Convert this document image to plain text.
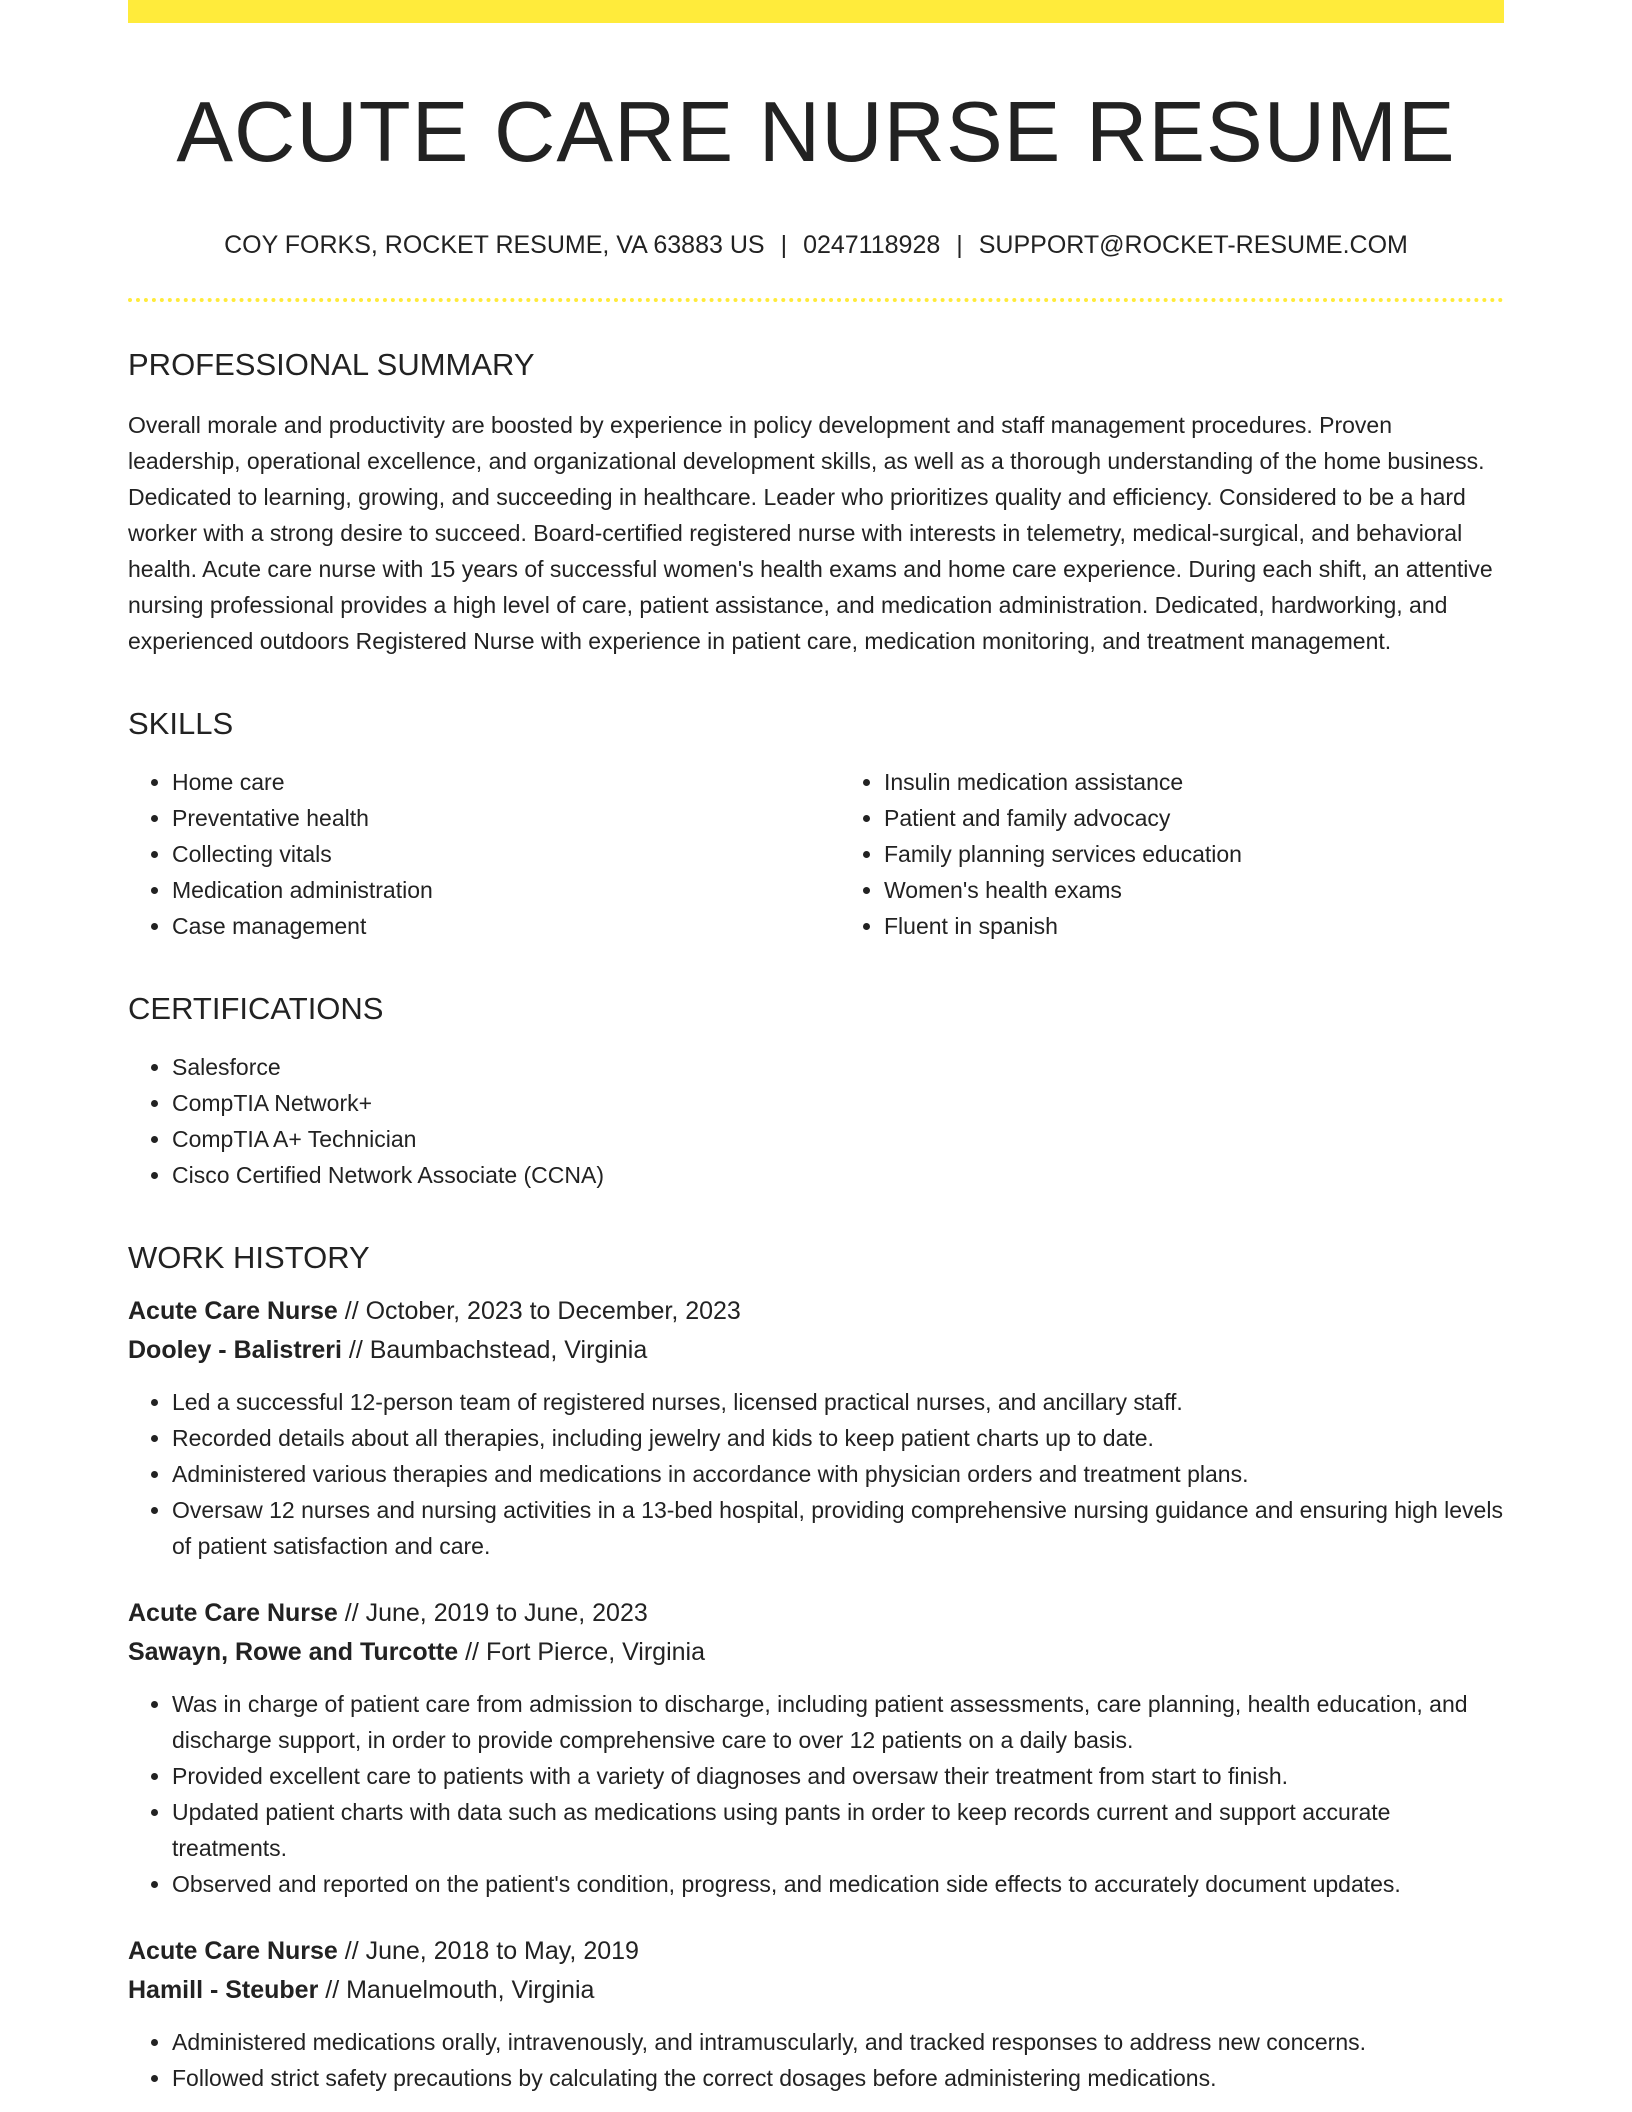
ACUTE CARE NURSE RESUME
COY FORKS, ROCKET RESUME, VA 63883 US | 0247118928 | SUPPORT@ROCKET-RESUME.COM
PROFESSIONAL SUMMARY

Overall morale and productivity are boosted by experience in policy development and staff management procedures. Proven leadership, operational excellence, and organizational development skills, as well as a thorough understanding of the home business. Dedicated to learning, growing, and succeeding in healthcare. Leader who prioritizes quality and efficiency. Considered to be a hard worker with a strong desire to succeed. Board-certified registered nurse with interests in telemetry, medical-surgical, and behavioral health. Acute care nurse with 15 years of successful women's health exams and home care experience. During each shift, an attentive nursing professional provides a high level of care, patient assistance, and medication administration. Dedicated, hardworking, and experienced outdoors Registered Nurse with experience in patient care, medication monitoring, and treatment management.

SKILLS
• Home care
• Preventative health
• Collecting vitals
• Medication administration
• Case management
• Insulin medication assistance
• Patient and family advocacy
• Family planning services education
• Women's health exams
• Fluent in spanish
CERTIFICATIONS
• Salesforce
• CompTIA Network+
• CompTIA A+ Technician
• Cisco Certified Network Associate (CCNA)
WORK HISTORY
Acute Care Nurse // October, 2023 to December, 2023
Dooley - Balistreri // Baumbachstead, Virginia
• Led a successful 12-person team of registered nurses, licensed practical nurses, and ancillary staff.
• Recorded details about all therapies, including jewelry and kids to keep patient charts up to date.
• Administered various therapies and medications in accordance with physician orders and treatment plans.
• Oversaw 12 nurses and nursing activities in a 13-bed hospital, providing comprehensive nursing guidance and ensuring high levels of patient satisfaction and care.
Acute Care Nurse // June, 2019 to June, 2023
Sawayn, Rowe and Turcotte // Fort Pierce, Virginia
• Was in charge of patient care from admission to discharge, including patient assessments, care planning, health education, and discharge support, in order to provide comprehensive care to over 12 patients on a daily basis.
• Provided excellent care to patients with a variety of diagnoses and oversaw their treatment from start to finish.
• Updated patient charts with data such as medications using pants in order to keep records current and support accurate treatments.
• Observed and reported on the patient's condition, progress, and medication side effects to accurately document updates.
Acute Care Nurse // June, 2018 to May, 2019
Hamill - Steuber // Manuelmouth, Virginia
• Administered medications orally, intravenously, and intramuscularly, and tracked responses to address new concerns.
• Followed strict safety precautions by calculating the correct dosages before administering medications.
